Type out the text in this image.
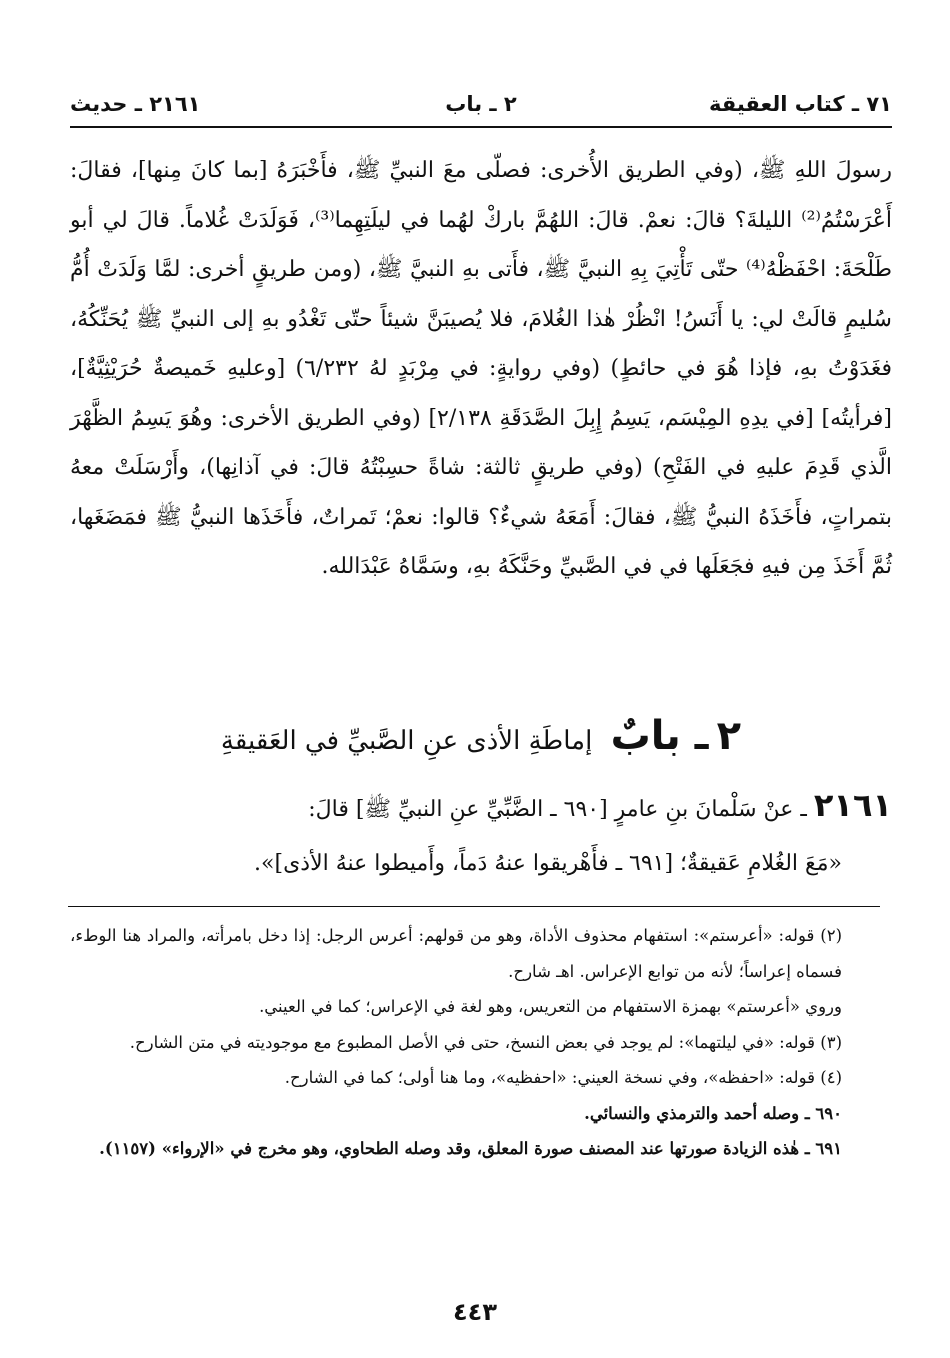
٧١ ـ كتاب العقيقة
٢ ـ باب
٢١٦١ ـ حديث

رسولَ اللهِ ﷺ، (وفي الطريق الأُخرى: فصلّى معَ النبيِّ ﷺ، فأَخْبَرَهُ [بما كانَ مِنها]، فقالَ: أَعْرَسْتُمُ⁽²⁾ الليلةَ؟ قالَ: نعمْ. قالَ: اللهُمَّ باركْ لهُما في ليلَتِهِما⁽³⁾، فَوَلَدَتْ غُلاماً. قالَ لي أبو طَلْحَةَ: احْفَظْهُ⁽⁴⁾ حتّى تَأْتِيَ بِهِ النبيَّ ﷺ، فأَتى بهِ النبيَّ ﷺ، (ومن طريقٍ أخرى: لمَّا وَلَدَتْ أُمُّ سُليمٍ قالَتْ لي: يا أَنَسُ! انْظُرْ هٰذا الغُلامَ، فلا يُصيبَنَّ شيئاً حتّى تَغْدُو بهِ إلى النبيِّ ﷺ يُحَنِّكُهُ، فغَدَوْتُ بهِ، فإذا هُوَ في حائطٍ) (وفي روايةٍ: في مِرْبَدٍ لهُ ٦/٢٣٢) [وعليهِ خَميصةٌ حُرَيْثِيَّةٌ]، [فرأيتُه] [في يدِهِ المِيْسَم، يَسِمُ إِبِلَ الصَّدَقَةِ ٢/١٣٨] (وفي الطريق الأخرى: وهُوَ يَسِمُ الظَّهْرَ الَّذي قَدِمَ عليهِ في الفَتْحِ) (وفي طريقٍ ثالثة: شاةً حسِبْتُهُ قالَ: في آذانِها)، وأَرْسَلَتْ معهُ بتمراتٍ، فأَخَذَهُ النبيُّ ﷺ، فقالَ: أَمَعَهُ شيءٌ؟ قالوا: نعمْ؛ تَمراتٌ، فأَخَذَها النبيُّ ﷺ فمَضَغَها، ثُمَّ أَخَذَ مِن فيهِ فجَعَلَها في في الصَّبيِّ وحَنَّكَهُ بهِ، وسَمَّاهُ عَبْدَالله.

٢ ـ بابٌ إماطَةِ الأذى عنِ الصَّبيِّ في العَقيقةِ

٢١٦١ ـ عنْ سَلْمانَ بنِ عامرٍ [٦٩٠ ـ الضَّبِّيِّ عنِ النبيِّ ﷺ] قالَ:

«مَعَ الغُلامِ عَقيقةٌ؛ [٦٩١ ـ فأَهْريقوا عنهُ دَماً، وأَميطوا عنهُ الأذى]».

(٢) قوله: «أعرستم»: استفهام محذوف الأداة، وهو من قولهم: أعرس الرجل: إذا دخل بامرأته، والمراد هنا الوطء، فسماه إعراساً؛ لأنه من توابع الإعراس. اهـ شارح.

وروي «أعرستم» بهمزة الاستفهام من التعريس، وهو لغة في الإعراس؛ كما في العيني.

(٣) قوله: «في ليلتهما»: لم يوجد في بعض النسخ، حتى في الأصل المطبوع مع موجوديته في متن الشارح.

(٤) قوله: «احفظه»، وفي نسخة العيني: «احفظيه»، وما هنا أولى؛ كما في الشارح.

٦٩٠ ـ وصله أحمد والترمذي والنسائي.

٦٩١ ـ هٰذه الزيادة صورتها عند المصنف صورة المعلق، وقد وصله الطحاوي، وهو مخرج في «الإرواء» (١١٥٧).

٤٤٣
